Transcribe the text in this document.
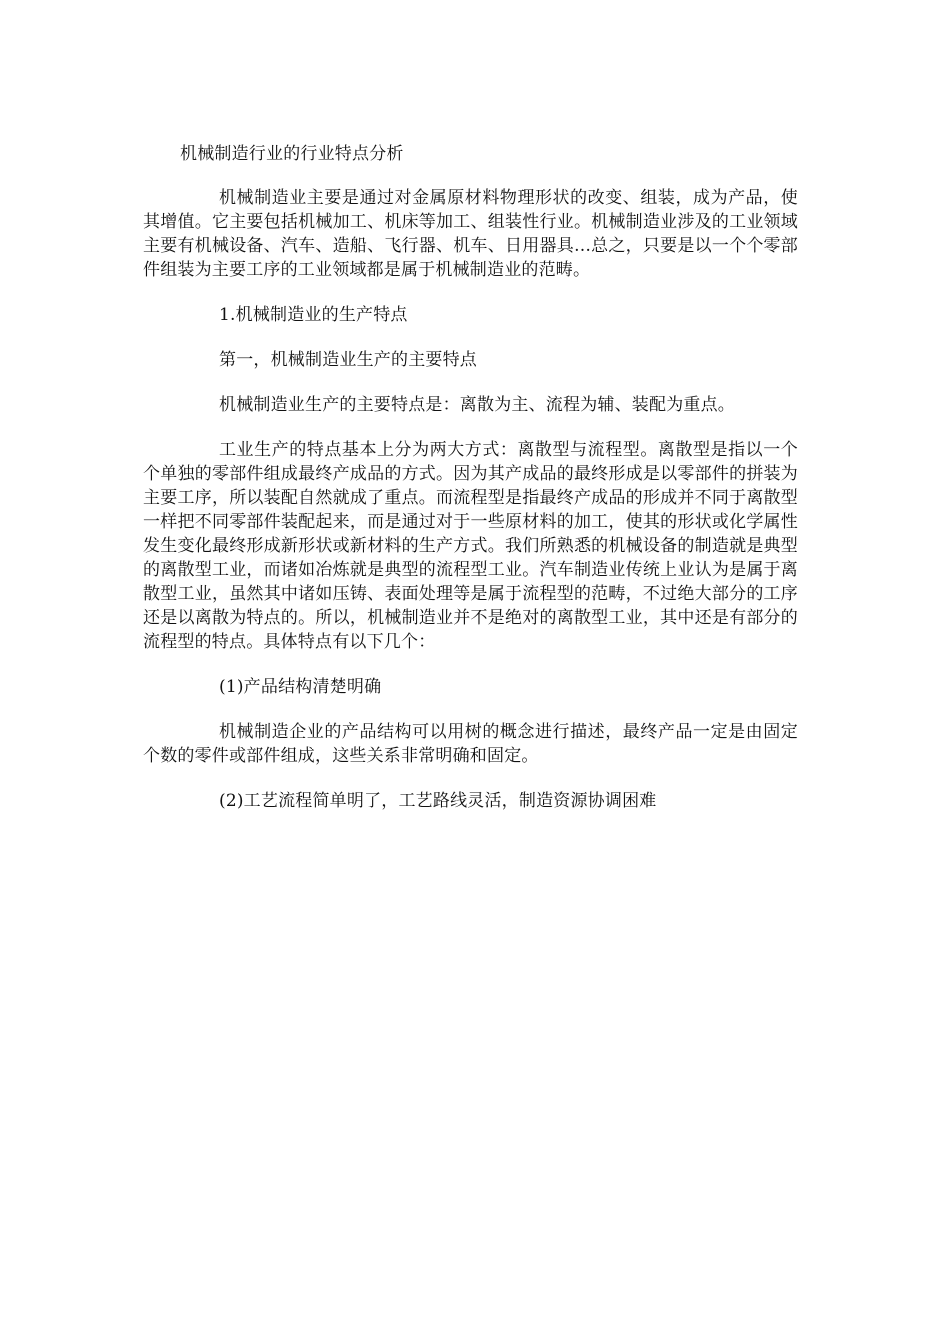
机械制造行业的行业特点分析

机械制造业主要是通过对金属原材料物理形状的改变、组装，成为产品，使其增值。它主要包括机械加工、机床等加工、组装性行业。机械制造业涉及的工业领域主要有机械设备、汽车、造船、飞行器、机车、日用器具…总之，只要是以一个个零部件组装为主要工序的工业领域都是属于机械制造业的范畴。

1.机械制造业的生产特点

第一，机械制造业生产的主要特点

机械制造业生产的主要特点是：离散为主、流程为辅、装配为重点。

工业生产的特点基本上分为两大方式：离散型与流程型。离散型是指以一个个单独的零部件组成最终产成品的方式。因为其产成品的最终形成是以零部件的拼装为主要工序，所以装配自然就成了重点。而流程型是指最终产成品的形成并不同于离散型一样把不同零部件装配起来，而是通过对于一些原材料的加工，使其的形状或化学属性发生变化最终形成新形状或新材料的生产方式。我们所熟悉的机械设备的制造就是典型的离散型工业，而诸如冶炼就是典型的流程型工业。汽车制造业传统上业认为是属于离散型工业，虽然其中诸如压铸、表面处理等是属于流程型的范畴，不过绝大部分的工序还是以离散为特点的。所以，机械制造业并不是绝对的离散型工业，其中还是有部分的流程型的特点。具体特点有以下几个：

(1)产品结构清楚明确

机械制造企业的产品结构可以用树的概念进行描述，最终产品一定是由固定个数的零件或部件组成，这些关系非常明确和固定。

(2)工艺流程简单明了，工艺路线灵活，制造资源协调困难
